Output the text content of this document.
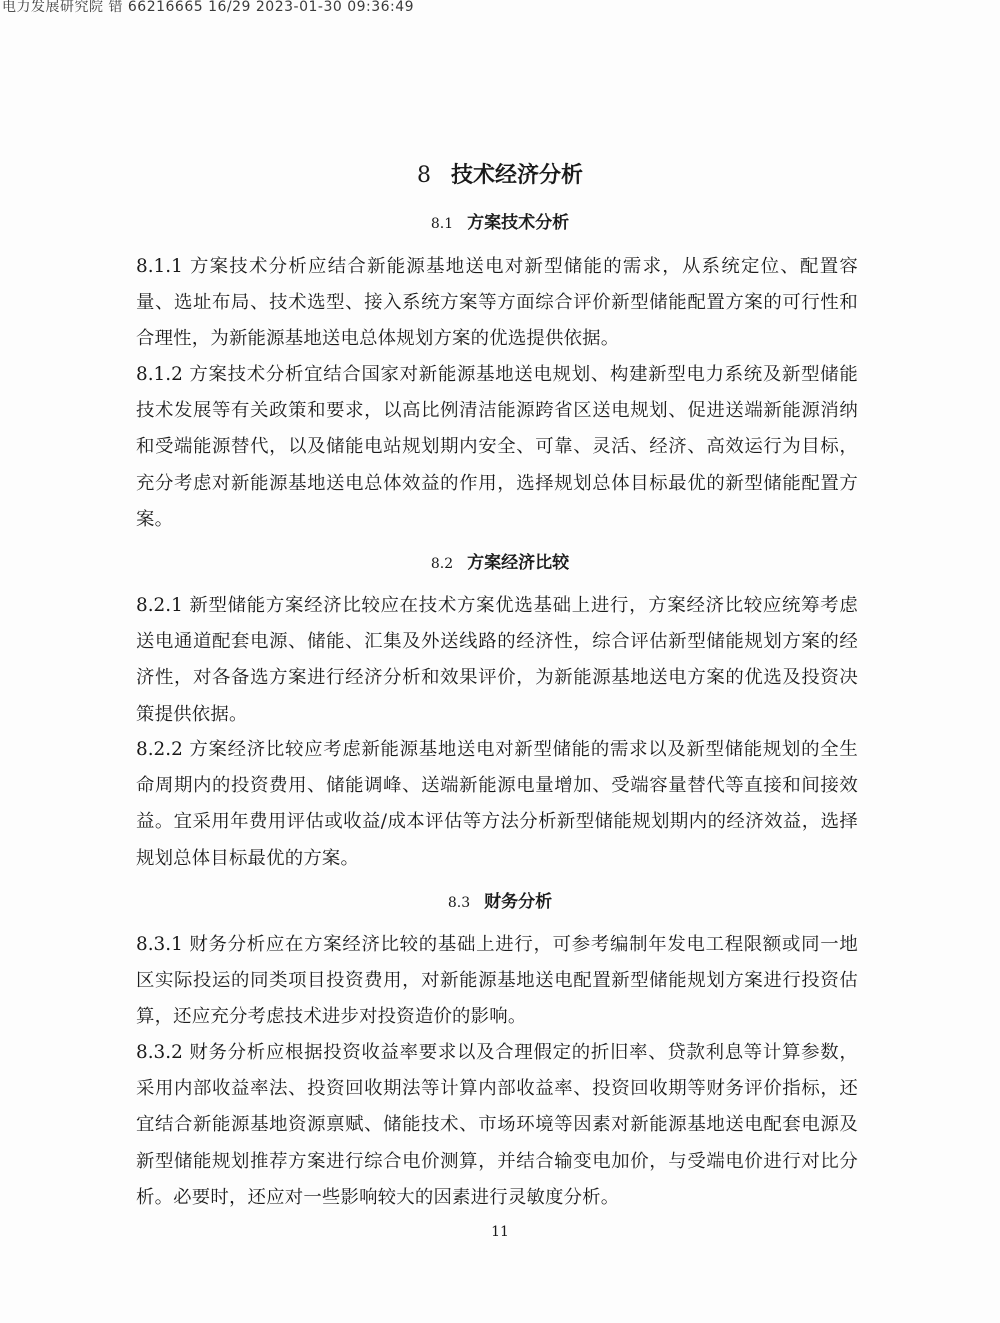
电力发展研究院 错 66216665 16/29 2023-01-30 09:36:49
8 技术经济分析
8.1 方案技术分析
8.1.1 方案技术分析应结合新能源基地送电对新型储能的需求，从系统定位、配置容量、选址布局、技术选型、接入系统方案等方面综合评价新型储能配置方案的可行性和合理性，为新能源基地送电总体规划方案的优选提供依据。
8.1.2 方案技术分析宜结合国家对新能源基地送电规划、构建新型电力系统及新型储能技术发展等有关政策和要求，以高比例清洁能源跨省区送电规划、促进送端新能源消纳和受端能源替代，以及储能电站规划期内安全、可靠、灵活、经济、高效运行为目标，充分考虑对新能源基地送电总体效益的作用，选择规划总体目标最优的新型储能配置方案。
8.2 方案经济比较
8.2.1 新型储能方案经济比较应在技术方案优选基础上进行，方案经济比较应统筹考虑送电通道配套电源、储能、汇集及外送线路的经济性，综合评估新型储能规划方案的经济性，对各备选方案进行经济分析和效果评价，为新能源基地送电方案的优选及投资决策提供依据。
8.2.2 方案经济比较应考虑新能源基地送电对新型储能的需求以及新型储能规划的全生命周期内的投资费用、储能调峰、送端新能源电量增加、受端容量替代等直接和间接效益。宜采用年费用评估或收益/成本评估等方法分析新型储能规划期内的经济效益，选择规划总体目标最优的方案。
8.3 财务分析
8.3.1 财务分析应在方案经济比较的基础上进行，可参考编制年发电工程限额或同一地区实际投运的同类项目投资费用，对新能源基地送电配置新型储能规划方案进行投资估算，还应充分考虑技术进步对投资造价的影响。
8.3.2 财务分析应根据投资收益率要求以及合理假定的折旧率、贷款利息等计算参数，采用内部收益率法、投资回收期法等计算内部收益率、投资回收期等财务评价指标，还宜结合新能源基地资源禀赋、储能技术、市场环境等因素对新能源基地送电配套电源及新型储能规划推荐方案进行综合电价测算，并结合输变电加价，与受端电价进行对比分析。必要时，还应对一些影响较大的因素进行灵敏度分析。
11
